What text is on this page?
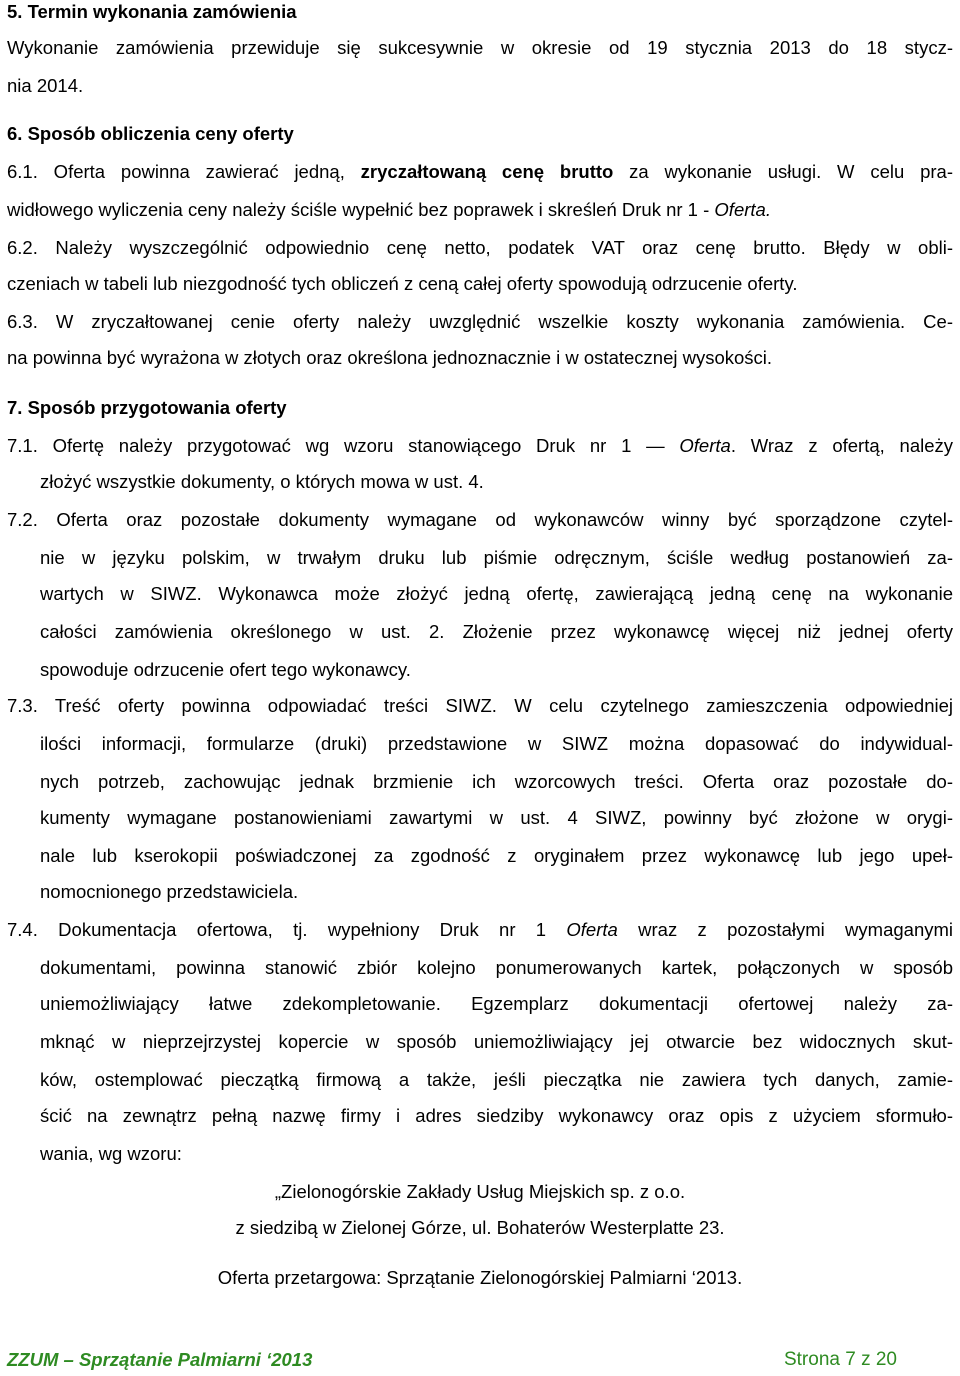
5. Termin wykonania zamówienia
Wykonanie zamówienia przewiduje się sukcesywnie w okresie od 19 stycznia 2013 do 18 stycz-
nia 2014.
6. Sposób obliczenia ceny oferty
6.1. Oferta powinna zawierać jedną, zryczałtowaną cenę brutto za wykonanie usługi. W celu pra-
widłowego wyliczenia ceny należy ściśle wypełnić bez poprawek i skreśleń Druk nr 1 - Oferta.
6.2. Należy wyszczególnić odpowiednio cenę netto, podatek VAT oraz cenę brutto. Błędy w obli-
czeniach w tabeli lub niezgodność tych obliczeń z ceną całej oferty spowodują odrzucenie oferty.
6.3. W zryczałtowanej cenie oferty należy uwzględnić wszelkie koszty wykonania zamówienia. Ce-
na powinna być wyrażona w złotych oraz określona jednoznacznie i w ostatecznej wysokości.
7. Sposób przygotowania oferty
7.1. Ofertę należy przygotować wg wzoru stanowiącego Druk nr 1 — Oferta. Wraz z ofertą, należy
złożyć wszystkie dokumenty, o których mowa w ust. 4.
7.2. Oferta oraz pozostałe dokumenty wymagane od wykonawców winny być sporządzone czytel-
nie w języku polskim, w trwałym druku lub piśmie odręcznym, ściśle według postanowień za-
wartych w SIWZ. Wykonawca może złożyć jedną ofertę, zawierającą jedną cenę na wykonanie
całości zamówienia określonego w ust. 2. Złożenie przez wykonawcę więcej niż jednej oferty
spowoduje odrzucenie ofert tego wykonawcy.
7.3. Treść oferty powinna odpowiadać treści SIWZ. W celu czytelnego zamieszczenia odpowiedniej
ilości informacji, formularze (druki) przedstawione w SIWZ można dopasować do indywidual-
nych potrzeb, zachowując jednak brzmienie ich wzorcowych treści. Oferta oraz pozostałe do-
kumenty wymagane postanowieniami zawartymi w ust. 4 SIWZ, powinny być złożone w orygi-
nale lub kserokopii poświadczonej za zgodność z oryginałem przez wykonawcę lub jego upeł-
nomocnionego przedstawiciela.
7.4. Dokumentacja ofertowa, tj. wypełniony Druk nr 1 Oferta wraz z pozostałymi wymaganymi
dokumentami, powinna stanowić zbiór kolejno ponumerowanych kartek, połączonych w sposób
uniemożliwiający łatwe zdekompletowanie. Egzemplarz dokumentacji ofertowej należy za-
mknąć w nieprzejrzystej kopercie w sposób uniemożliwiający jej otwarcie bez widocznych skut-
ków, ostemplować pieczątką firmową a także, jeśli pieczątka nie zawiera tych danych, zamie-
ścić na zewnątrz pełną nazwę firmy i adres siedziby wykonawcy oraz opis z użyciem sformuło-
wania, wg wzoru:
„Zielonogórskie Zakłady Usług Miejskich sp. z o.o.
z siedzibą w Zielonej Górze, ul. Bohaterów Westerplatte 23.
Oferta przetargowa: Sprzątanie Zielonogórskiej Palmiarni ‘2013.
ZZUM – Sprzątanie Palmiarni ‘2013	Strona 7 z 20
